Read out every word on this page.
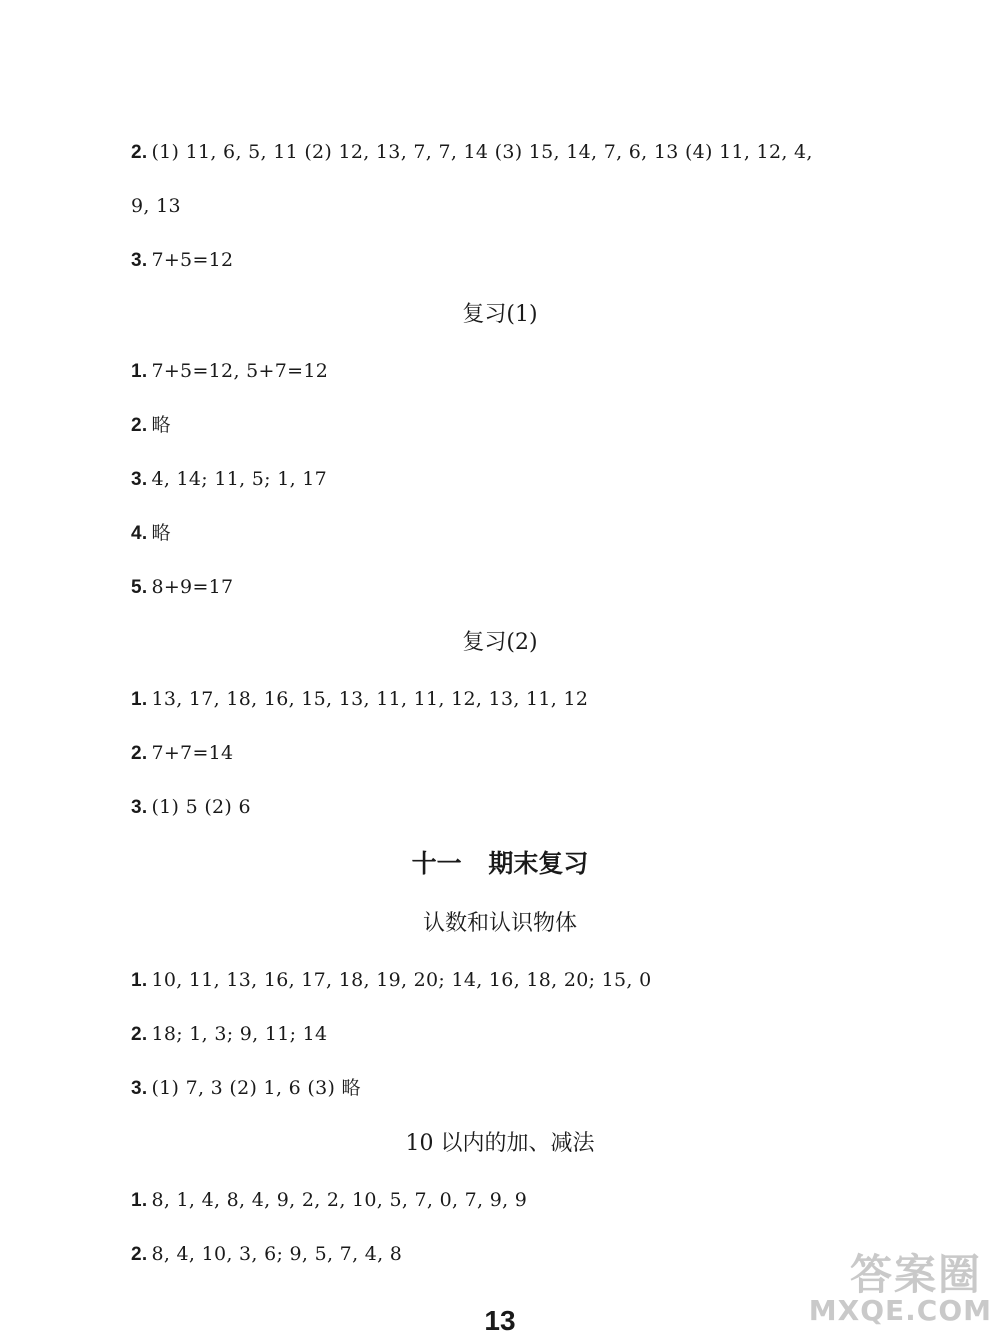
2. (1) 11, 6, 5, 11 (2) 12, 13, 7, 7, 14 (3) 15, 14, 7, 6, 13 (4) 11, 12, 4,
9, 13
3. 7+5=12
复习(1)
1. 7+5=12, 5+7=12
2. 略
3. 4, 14; 11, 5; 1, 17
4. 略
5. 8+9=17
复习(2)
1. 13, 17, 18, 16, 15, 13, 11, 11, 12, 13, 11, 12
2. 7+7=14
3. (1) 5 (2) 6
十一 期末复习
认数和认识物体
1. 10, 11, 13, 16, 17, 18, 19, 20; 14, 16, 18, 20; 15, 0
2. 18; 1, 3; 9, 11; 14
3. (1) 7, 3 (2) 1, 6 (3) 略
10 以内的加、减法
1. 8, 1, 4, 8, 4, 9, 2, 2, 10, 5, 7, 0, 7, 9, 9
2. 8, 4, 10, 3, 6; 9, 5, 7, 4, 8
13
答案圈
MXQE.COM
